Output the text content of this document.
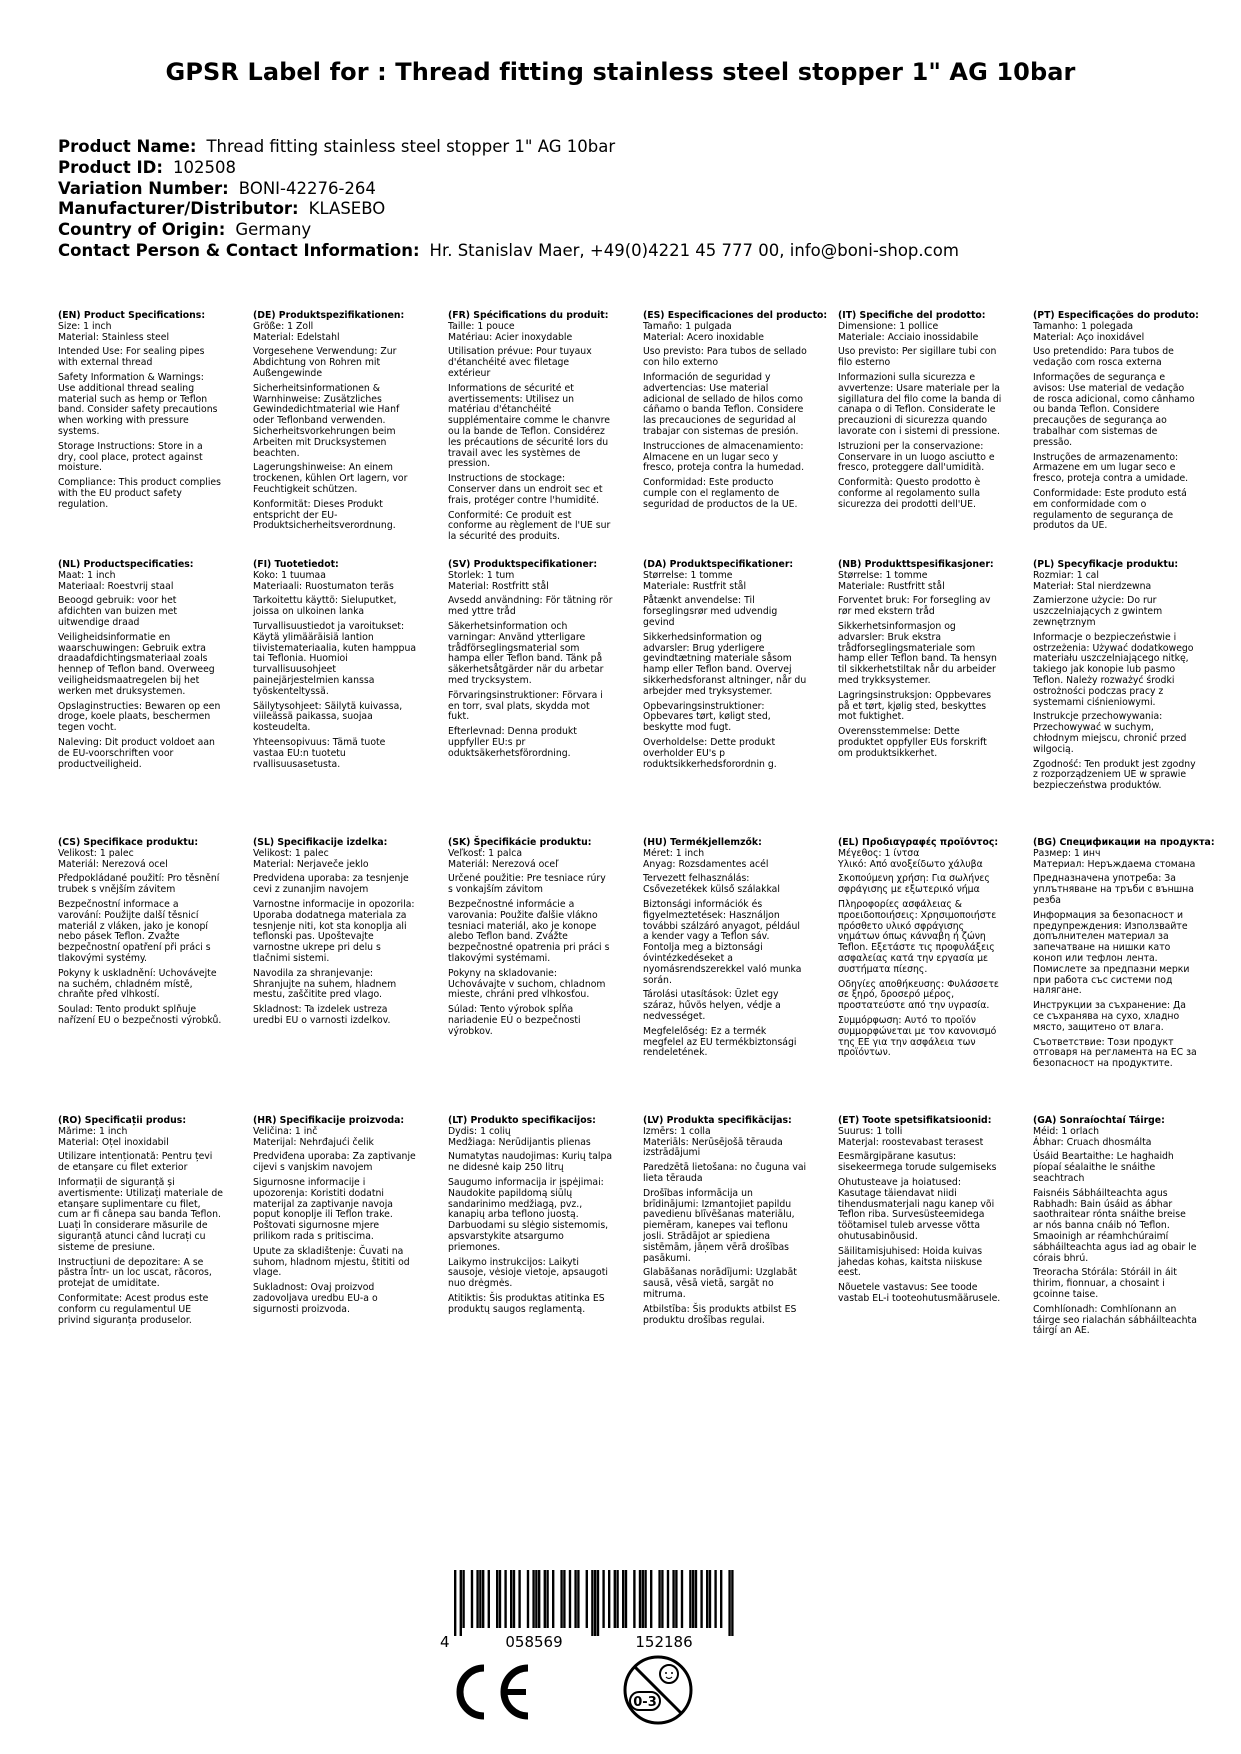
GPSR Label for : Thread fitting stainless steel stopper 1" AG 10bar
Product Name: Thread fitting stainless steel stopper 1" AG 10bar
Product ID: 102508
Variation Number: BONI-42276-264
Manufacturer/Distributor: KLASEBO
Country of Origin: Germany
Contact Person & Contact Information: Hr. Stanislav Maer, +49(0)4221 45 777 00, info@boni-shop.com
(EN) Product Specifications:
Size: 1 inch
Material: Stainless steel
Intended Use: For sealing pipes with external thread
Safety Information & Warnings: Use additional thread sealing material such as hemp or Teflon band. Consider safety precautions when working with pressure systems.
Storage Instructions: Store in a dry, cool place, protect against moisture.
Compliance: This product complies with the EU product safety regulation.
(DE) Produktspezifikationen:
Größe: 1 Zoll
Material: Edelstahl
Vorgesehene Verwendung: Zur Abdichtung von Rohren mit Außengewinde
Sicherheitsinformationen & Warnhinweise: Zusätzliches Gewindedichtmaterial wie Hanf oder Teflonband verwenden. Sicherheitsvorkehrungen beim Arbeiten mit Drucksystemen beachten.
Lagerungshinweise: An einem trockenen, kühlen Ort lagern, vor Feuchtigkeit schützen.
Konformität: Dieses Produkt entspricht der EU-Produktsicherheitsverordnung.
(FR) Spécifications du produit:
Taille: 1 pouce
Matériau: Acier inoxydable
Utilisation prévue: Pour tuyaux d'étanchéité avec filetage extérieur
Informations de sécurité et avertissements: Utilisez un matériau d'étanchéité supplémentaire comme le chanvre ou la bande de Teflon. Considérez les précautions de sécurité lors du travail avec les systèmes de pression.
Instructions de stockage: Conserver dans un endroit sec et frais, protéger contre l'humidité.
Conformité: Ce produit est conforme au règlement de l'UE sur la sécurité des produits.
(ES) Especificaciones del producto:
Tamaño: 1 pulgada
Material: Acero inoxidable
Uso previsto: Para tubos de sellado con hilo externo
Información de seguridad y advertencias: Use material adicional de sellado de hilos como cáñamo o banda Teflon. Considere las precauciones de seguridad al trabajar con sistemas de presión.
Instrucciones de almacenamiento: Almacene en un lugar seco y fresco, proteja contra la humedad.
Conformidad: Este producto cumple con el reglamento de seguridad de productos de la UE.
(IT) Specifiche del prodotto:
Dimensione: 1 pollice
Materiale: Acciaio inossidabile
Uso previsto: Per sigillare tubi con filo esterno
Informazioni sulla sicurezza e avvertenze: Usare materiale per la sigillatura del filo come la banda di canapa o di Teflon. Considerate le precauzioni di sicurezza quando lavorate con i sistemi di pressione.
Istruzioni per la conservazione: Conservare in un luogo asciutto e fresco, proteggere dall'umidità.
Conformità: Questo prodotto è conforme al regolamento sulla sicurezza dei prodotti dell'UE.
(PT) Especificações do produto:
Tamanho: 1 polegada
Material: Aço inoxidável
Uso pretendido: Para tubos de vedação com rosca externa
Informações de segurança e avisos: Use material de vedação de rosca adicional, como cânhamo ou banda Teflon. Considere precauções de segurança ao trabalhar com sistemas de pressão.
Instruções de armazenamento: Armazene em um lugar seco e fresco, proteja contra a umidade.
Conformidade: Este produto está em conformidade com o regulamento de segurança de produtos da UE.
(NL) Productspecificaties:
Maat: 1 inch
Materiaal: Roestvrij staal
Beoogd gebruik: voor het afdichten van buizen met uitwendige draad
Veiligheidsinformatie en waarschuwingen: Gebruik extra draadafdichtingsmateriaal zoals hennep of Teflon band. Overweeg veiligheidsmaatregelen bij het werken met druksystemen.
Opslaginstructies: Bewaren op een droge, koele plaats, beschermen tegen vocht.
Naleving: Dit product voldoet aan de EU-voorschriften voor productveiligheid.
(FI) Tuotetiedot:
Koko: 1 tuumaa
Materiaali: Ruostumaton teräs
Tarkoitettu käyttö: Sieluputket, joissa on ulkoinen lanka
Turvallisuustiedot ja varoitukset: Käytä ylimääräisiä lantion tiivistemateriaalia, kuten hamppua tai Teflonia. Huomioi turvallisuusohjeet painejärjestelmien kanssa työskenteltyssä.
Säilytysohjeet: Säilytä kuivassa, viileässä paikassa, suojaa kosteudelta.
Yhteensopivuus: Tämä tuote vastaa EU:n tuotetu rvallisuusasetusta.
(SV) Produktspecifikationer:
Storlek: 1 tum
Material: Rostfritt stål
Avsedd användning: För tätning rör med yttre tråd
Säkerhetsinformation och varningar: Använd ytterligare trådförseglingsmaterial som hampa eller Teflon band. Tänk på säkerhetsåtgärder när du arbetar med trycksystem.
Förvaringsinstruktioner: Förvara i en torr, sval plats, skydda mot fukt.
Efterlevnad: Denna produkt uppfyller EU:s pr oduktsäkerhetsförordning.
(DA) Produktspecifikationer:
Størrelse: 1 tomme
Materiale: Rustfrit stål
Påtænkt anvendelse: Til forseglingsrør med udvendig gevind
Sikkerhedsinformation og advarsler: Brug yderligere gevindtætning materiale såsom hamp eller Teflon band. Overvej sikkerhedsforanst altninger, når du arbejder med tryksystemer.
Opbevaringsinstruktioner: Opbevares tørt, køligt sted, beskytte mod fugt.
Overholdelse: Dette produkt overholder EU's p roduktsikkerhedsforordnin g.
(NB) Produkttspesifikasjoner:
Størrelse: 1 tomme
Materiale: Rustfritt stål
Forventet bruk: For forsegling av rør med ekstern tråd
Sikkerhetsinformasjon og advarsler: Bruk ekstra trådforseglingsmateriale som hamp eller Teflon band. Ta hensyn til sikkerhetstiltak når du arbeider med trykksystemer.
Lagringsinstruksjon: Oppbevares på et tørt, kjølig sted, beskyttes mot fuktighet.
Overensstemmelse: Dette produktet oppfyller EUs forskrift om produktsikkerhet.
(PL) Specyfikacje produktu:
Rozmiar: 1 cal
Materiał: Stal nierdzewna
Zamierzone użycie: Do rur uszczelniających z gwintem zewnętrznym
Informacje o bezpieczeństwie i ostrzeżenia: Używać dodatkowego materiału uszczelniającego nitkę, takiego jak konopie lub pasmo Teflon. Należy rozważyć środki ostrożności podczas pracy z systemami ciśnieniowymi.
Instrukcje przechowywania: Przechowywać w suchym, chłodnym miejscu, chronić przed wilgocią.
Zgodność: Ten produkt jest zgodny z rozporządzeniem UE w sprawie bezpieczeństwa produktów.
(CS) Specifikace produktu:
Velikost: 1 palec
Materiál: Nerezová ocel
Předpokládané použití: Pro těsnění trubek s vnějším závitem
Bezpečnostní informace a varování: Použijte další těsnicí materiál z vláken, jako je konopí nebo pásek Teflon. Zvažte bezpečnostní opatření při práci s tlakovými systémy.
Pokyny k uskladnění: Uchovávejte na suchém, chladném místě, chraňte před vlhkostí.
Soulad: Tento produkt splňuje nařízení EU o bezpečnosti výrobků.
(SL) Specifikacije izdelka:
Velikost: 1 palec
Material: Nerjaveče jeklo
Predvidena uporaba: za tesnjenje cevi z zunanjim navojem
Varnostne informacije in opozorila: Uporaba dodatnega materiala za tesnjenje niti, kot sta konoplja ali teflonski pas. Upoštevajte varnostne ukrepe pri delu s tlačnimi sistemi.
Navodila za shranjevanje: Shranjujte na suhem, hladnem mestu, zaščitite pred vlago.
Skladnost: Ta izdelek ustreza uredbi EU o varnosti izdelkov.
(SK) Špecifikácie produktu:
Veľkosť: 1 palca
Materiál: Nerezová oceľ
Určené použitie: Pre tesniace rúry s vonkajším závitom
Bezpečnostné informácie a varovania: Použite ďalšie vlákno tesniaci materiál, ako je konope alebo Teflon band. Zvážte bezpečnostné opatrenia pri práci s tlakovými systémami.
Pokyny na skladovanie: Uchovávajte v suchom, chladnom mieste, chráni pred vlhkosťou.
Súlad: Tento výrobok spĺňa nariadenie EÚ o bezpečnosti výrobkov.
(HU) Termékjellemzők:
Méret: 1 inch
Anyag: Rozsdamentes acél
Tervezett felhasználás: Csővezetékek külső szálakkal
Biztonsági információk és figyelmeztetések: Használjon további szálzáró anyagot, például a kender vagy a Teflon sáv. Fontolja meg a biztonsági óvintézkedéseket a nyomásrendszerekkel való munka során.
Tárolási utasítások: Üzlet egy száraz, hűvös helyen, védje a nedvességet.
Megfelelőség: Ez a termék megfelel az EU termékbiztonsági rendeletének.
(EL) Προδιαγραφές προϊόντος:
Μέγεθος: 1 ίντσα
Υλικό: Από ανοξείδωτο χάλυβα
Σκοπούμενη χρήση: Για σωλήνες σφράγισης με εξωτερικό νήμα
Πληροφορίες ασφάλειας & προειδοποιήσεις: Χρησιμοποιήστε πρόσθετο υλικό σφράγισης νημάτων όπως κάνναβη ή ζώνη Teflon. Εξετάστε τις προφυλάξεις ασφαλείας κατά την εργασία με συστήματα πίεσης.
Οδηγίες αποθήκευσης: Φυλάσσετε σε ξηρό, δροσερό μέρος, προστατεύστε από την υγρασία.
Συμμόρφωση: Αυτό το προϊόν συμμορφώνεται με τον κανονισμό της ΕΕ για την ασφάλεια των προϊόντων.
(BG) Спецификации на продукта:
Размер: 1 инч
Материал: Неръждаема стомана
Предназначена употреба: За уплътняване на тръби с външна резба
Информация за безопасност и предупреждения: Използвайте допълнителен материал за запечатване на нишки като коноп или тефлон лента. Помислете за предпазни мерки при работа със системи под налягане.
Инструкции за съхранение: Да се съхранява на сухо, хладно място, защитено от влага.
Съответствие: Този продукт отговаря на регламента на ЕС за безопасност на продуктите.
(RO) Specificații produs:
Mărime: 1 inch
Material: Oțel inoxidabil
Utilizare intenționată: Pentru țevi de etanșare cu filet exterior
Informații de siguranță și avertismente: Utilizați materiale de etanșare suplimentare cu filet, cum ar fi cânepa sau banda Teflon. Luați în considerare măsurile de siguranță atunci când lucrați cu sisteme de presiune.
Instrucțiuni de depozitare: A se păstra într- un loc uscat, răcoros, protejat de umiditate.
Conformitate: Acest produs este conform cu regulamentul UE privind siguranța produselor.
(HR) Specifikacije proizvoda:
Veličina: 1 inč
Materijal: Nehrđajući čelik
Predviđena uporaba: Za zaptivanje cijevi s vanjskim navojem
Sigurnosne informacije i upozorenja: Koristiti dodatni materijal za zaptivanje navoja poput konoplje ili Teflon trake. Poštovati sigurnosne mjere prilikom rada s pritiscima.
Upute za skladištenje: Čuvati na suhom, hladnom mjestu, štititi od vlage.
Sukladnost: Ovaj proizvod zadovoljava uredbu EU-a o sigurnosti proizvoda.
(LT) Produkto specifikacijos:
Dydis: 1 colių
Medžiaga: Nerūdijantis plienas
Numatytas naudojimas: Kurių talpa ne didesnė kaip 250 litrų
Saugumo informacija ir įspėjimai: Naudokite papildomą siūlų sandarinimo medžiagą, pvz., kanapių arba teflono juostą. Darbuodami su slėgio sistemomis, apsvarstykite atsargumo priemones.
Laikymo instrukcijos: Laikyti sausoje, vėsioje vietoje, apsaugoti nuo drėgmės.
Atitiktis: Šis produktas atitinka ES produktų saugos reglamentą.
(LV) Produkta specifikācijas:
Izmērs: 1 colla
Materiāls: Nerūsējošā tērauda izstrādājumi
Paredzētā lietošana: no čuguna vai lieta tērauda
Drošības informācija un brīdinājumi: Izmantojiet papildu pavedienu blīvēšanas materiālu, piemēram, kanepes vai teflonu josli. Strādājot ar spiediena sistēmām, jāņem vērā drošības pasākumi.
Glabāšanas norādījumi: Uzglabāt sausā, vēsā vietā, sargāt no mitruma.
Atbilstība: Šis produkts atbilst ES produktu drošības regulai.
(ET) Toote spetsifikatsioonid:
Suurus: 1 tolli
Materjal: roostevabast terasest
Eesmärgipärane kasutus: sisekeermega torude sulgemiseks
Ohutusteave ja hoiatused: Kasutage täiendavat niidi tihendusmaterjali nagu kanep või Teflon riba. Survesüsteemidega töötamisel tuleb arvesse võtta ohutusabinõusid.
Säilitamisjuhised: Hoida kuivas jahedas kohas, kaitsta niiskuse eest.
Nõuetele vastavus: See toode vastab EL-i tooteohutusmäärusele.
(GA) Sonraíochtaí Táirge:
Méid: 1 orlach
Ábhar: Cruach dhosmálta
Úsáid Beartaithe: Le haghaidh píopaí séalaithe le snáithe seachtrach
Faisnéis Sábháilteachta agus Rabhadh: Bain úsáid as ábhar saothraitear rónta snáithe breise ar nós banna cnáib nó Teflon. Smaoinigh ar réamhchúraimí sábháilteachta agus iad ag obair le córais bhrú.
Treoracha Stórála: Stóráil in áit thirim, fionnuar, a chosaint i gcoinne taise.
Comhlíonadh: Comhlíonann an táirge seo rialachán sábháilteachta táirgí an AE.
4	058569	152186
0-3
